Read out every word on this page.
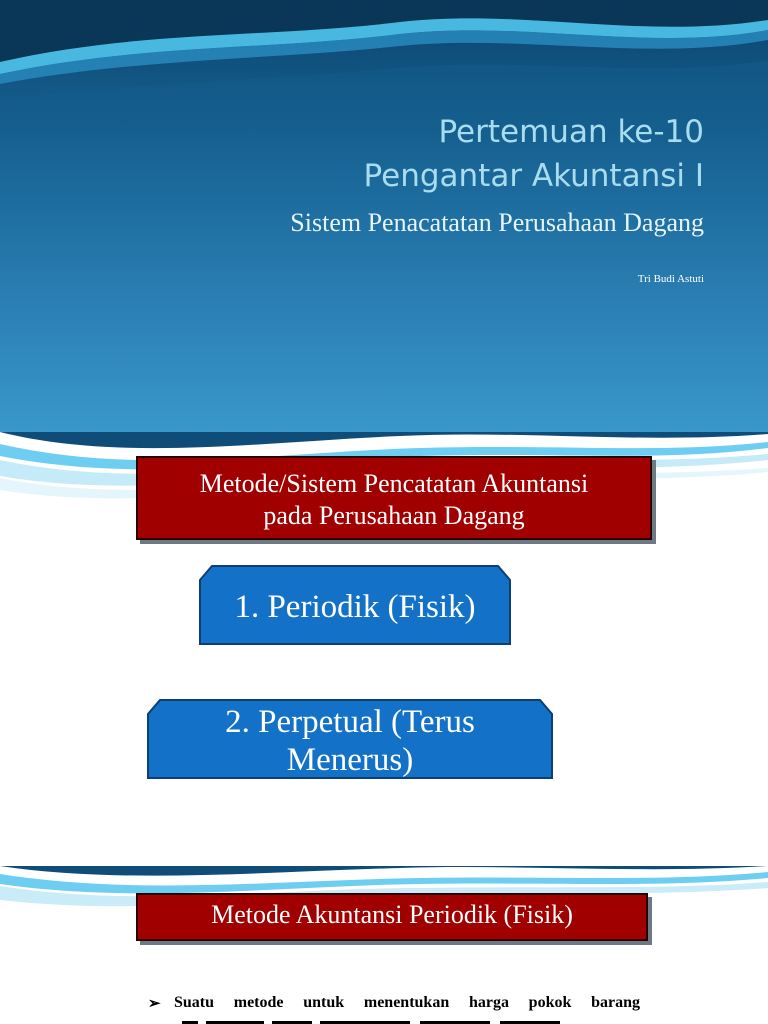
Pertemuan ke-10
Pengantar Akuntansi I
Sistem Penacatatan Perusahaan Dagang
Tri Budi Astuti
Metode/Sistem Pencatatan Akuntansi
pada Perusahaan Dagang
1. Periodik (Fisik)
2. Perpetual (Terus
Menerus)
Metode Akuntansi Periodik (Fisik)
➢ Suatu metode untuk menentukan harga pokok barang
